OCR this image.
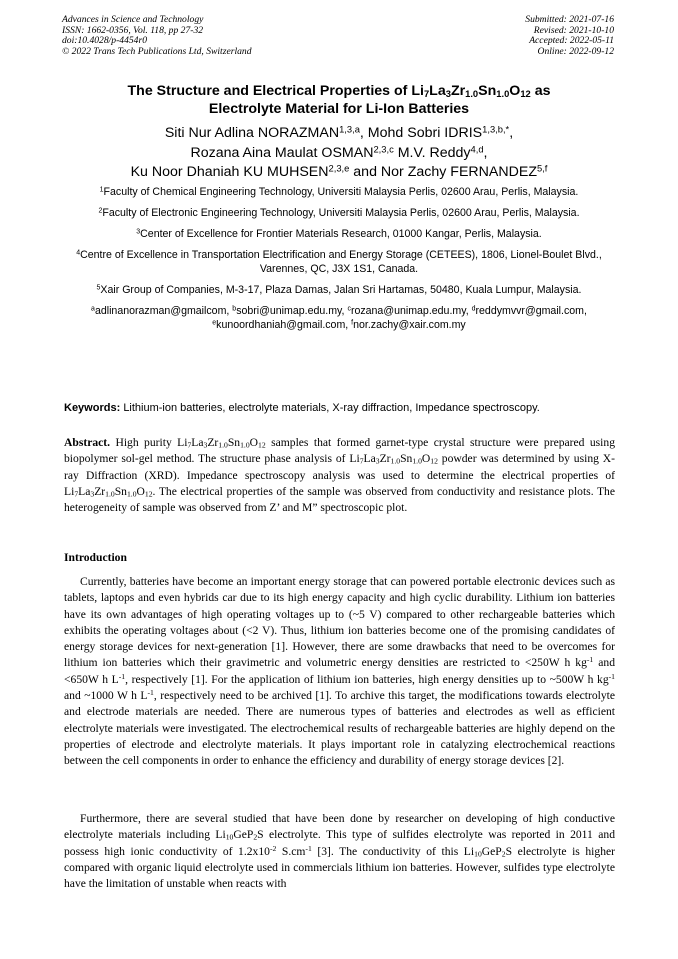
Advances in Science and Technology
ISSN: 1662-0356, Vol. 118, pp 27-32
doi:10.4028/p-4454r0
© 2022 Trans Tech Publications Ltd, Switzerland
Submitted: 2021-07-16
Revised: 2021-10-10
Accepted: 2022-05-11
Online: 2022-09-12
The Structure and Electrical Properties of $Li_7La_3Zr_{1.0}Sn_{1.0}O_{12}$ as
Electrolyte Material for Li-Ion Batteries
Siti Nur Adlina NORAZMAN$^{1,3,a}$, Mohd Sobri $IDRIS^{1,3,b,*}$,
Rozana Aina Maulat OSMAN$^{2,3,c}$ M.V. Reddy$^{4,d}$,
Ku Noor Dhaniah KU MUHSEN$^{2,3,e}$ and Nor Zachy FERNANDEZ$^{5,f}$
$^1$Faculty of Chemical Engineering Technology, Universiti Malaysia Perlis, 02600 Arau, Perlis, Malaysia.
$^2$Faculty of Electronic Engineering Technology, Universiti Malaysia Perlis, 02600 Arau, Perlis, Malaysia.
$^3$Center of Excellence for Frontier Materials Research, 01000 Kangar, Perlis, Malaysia.
$^4$Centre of Excellence in Transportation Electrification and Energy Storage (CETEES), 1806, Lionel-Boulet Blvd., Varennes, QC, J3X 1S1, Canada.
$^5$Xair Group of Companies, M-3-17, Plaza Damas, Jalan Sri Hartamas, 50480, Kuala Lumpur, Malaysia.
$^a$adlinanorazman@gmailcom, $^b$sobri@unimap.edu.my, $^c$rozana@unimap.edu.my, $^d$reddymvvr@gmail.com, $^e$kunoordhaniah@gmail.com, $^f$nor.zachy@xair.com.my
Keywords: Lithium-ion batteries, electrolyte materials, X-ray diffraction, Impedance spectroscopy.
Abstract. High purity $Li_7La_3Zr_{1.0}Sn_{1.0}O_{12}$ samples that formed garnet-type crystal structure were prepared using biopolymer sol-gel method. The structure phase analysis of $Li_7La_3Zr_{1.0}Sn_{1.0}O_{12}$ powder was determined by using X-ray Diffraction (XRD). Impedance spectroscopy analysis was used to determine the electrical properties of $Li_7La_3Zr_{1.0}Sn_{1.0}O_{12}$. The electrical properties of the sample was observed from conductivity and resistance plots. The heterogeneity of sample was observed from Z’ and M” spectroscopic plot.
Introduction
Currently, batteries have become an important energy storage that can powered portable electronic devices such as tablets, laptops and even hybrids car due to its high energy capacity and high cyclic durability. Lithium ion batteries have its own advantages of high operating voltages up to (~5 V) compared to other rechargeable batteries which exhibits the operating voltages about (<2 V). Thus, lithium ion batteries become one of the promising candidates of energy storage devices for next-generation [1]. However, there are some drawbacks that need to be overcomes for lithium ion batteries which their gravimetric and volumetric energy densities are restricted to <250W h $kg^{-1}$ and <650W h $L^{-1}$, respectively [1]. For the application of lithium ion batteries, high energy densities up to ~500W h $kg^{-1}$ and ~1000 W h $L^{-1}$, respectively need to be archived [1]. To archive this target, the modifications towards electrolyte and electrode materials are needed. There are numerous types of batteries and electrodes as well as efficient electrolyte materials were investigated. The electrochemical results of rechargeable batteries are highly depend on the properties of electrode and electrolyte materials. It plays important role in catalyzing electrochemical reactions between the cell components in order to enhance the efficiency and durability of energy storage devices [2].
Furthermore, there are several studied that have been done by researcher on developing of high conductive electrolyte materials including $Li_{10}GeP_2S$ electrolyte. This type of sulfides electrolyte was reported in 2011 and possess high ionic conductivity of $1.2x10^{-2}$ $S.cm^{-1}$ [3]. The conductivity of this $Li_{10}GeP_2S$ electrolyte is higher compared with organic liquid electrolyte used in commercials lithium ion batteries. However, sulfides type electrolyte have the limitation of unstable when reacts with
